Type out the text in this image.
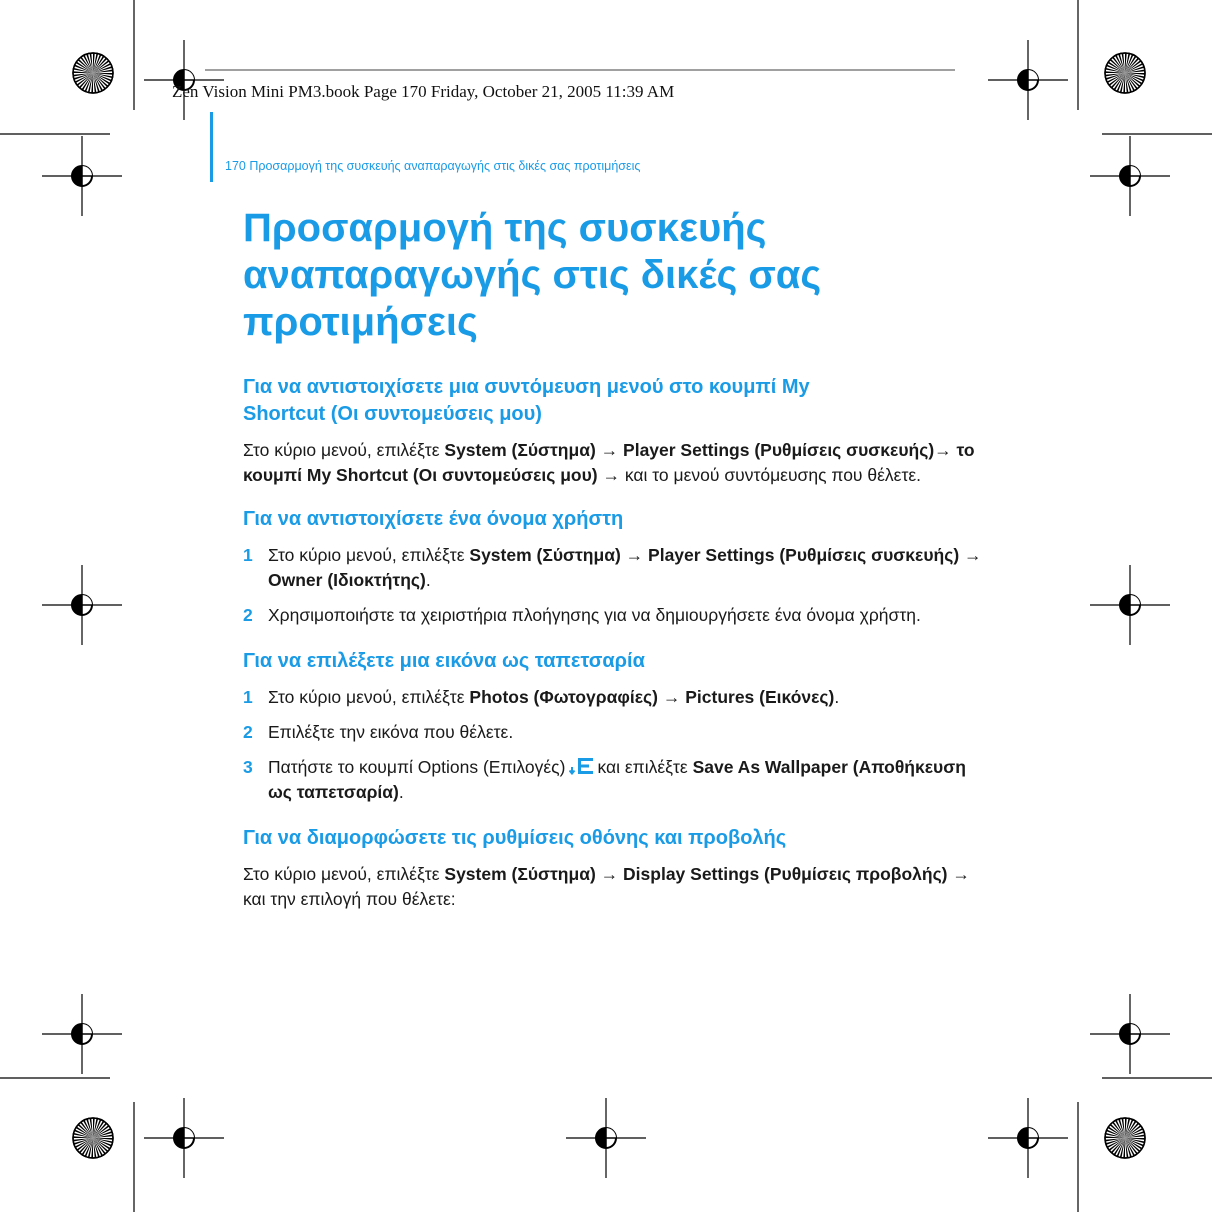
Zen Vision Mini PM3.book Page 170 Friday, October 21, 2005 11:39 AM
170 Προσαρμογή της συσκευής αναπαραγωγής στις δικές σας προτιμήσεις
Προσαρμογή της συσκευής
αναπαραγωγής στις δικές σας
προτιμήσεις
Για να αντιστοιχίσετε μια συντόμευση μενού στο κουμπί My
Shortcut (Οι συντομεύσεις μου)

Στο κύριο μενού, επιλέξτε System (Σύστημα) → Player Settings (Ρυθμίσεις συσκευής)→ το κουμπί My Shortcut (Οι συντομεύσεις μου) → και το μενού συντόμευσης που θέλετε.

Για να αντιστοιχίσετε ένα όνομα χρήστη
1 Στο κύριο μενού, επιλέξτε System (Σύστημα) → Player Settings (Ρυθμίσεις συσκευής) → Owner (Ιδιοκτήτης).
2 Χρησιμοποιήστε τα χειριστήρια πλοήγησης για να δημιουργήσετε ένα όνομα χρήστη.
Για να επιλέξετε μια εικόνα ως ταπετσαρία
1 Στο κύριο μενού, επιλέξτε Photos (Φωτογραφίες) → Pictures (Εικόνες).
2 Επιλέξτε την εικόνα που θέλετε.
3 Πατήστε το κουμπί Options (Επιλογές) και επιλέξτε Save As Wallpaper (Αποθήκευση ως ταπετσαρία).
Για να διαμορφώσετε τις ρυθμίσεις οθόνης και προβολής

Στο κύριο μενού, επιλέξτε System (Σύστημα) → Display Settings (Ρυθμίσεις προβολής) → και την επιλογή που θέλετε:
